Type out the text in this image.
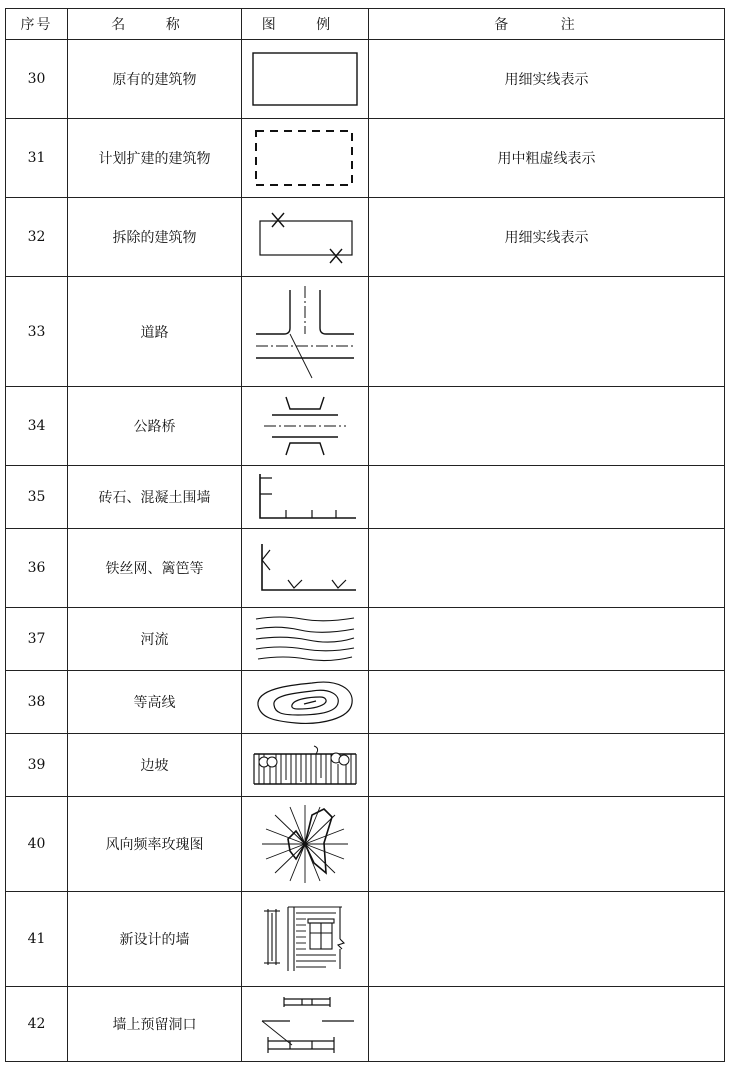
序号	名 称	图 例	备 注
30	原有的建筑物		用细实线表示
31	计划扩建的建筑物		用中粗虚线表示
32	拆除的建筑物		用细实线表示
33	道路	

34	公路桥	

35	砖石、混凝土围墙	

36	铁丝网、篱笆等	

37	河流	

38	等高线	

39	边坡	

40	风向频率玫瑰图	

41	新设计的墙	

42	墙上预留洞口	
